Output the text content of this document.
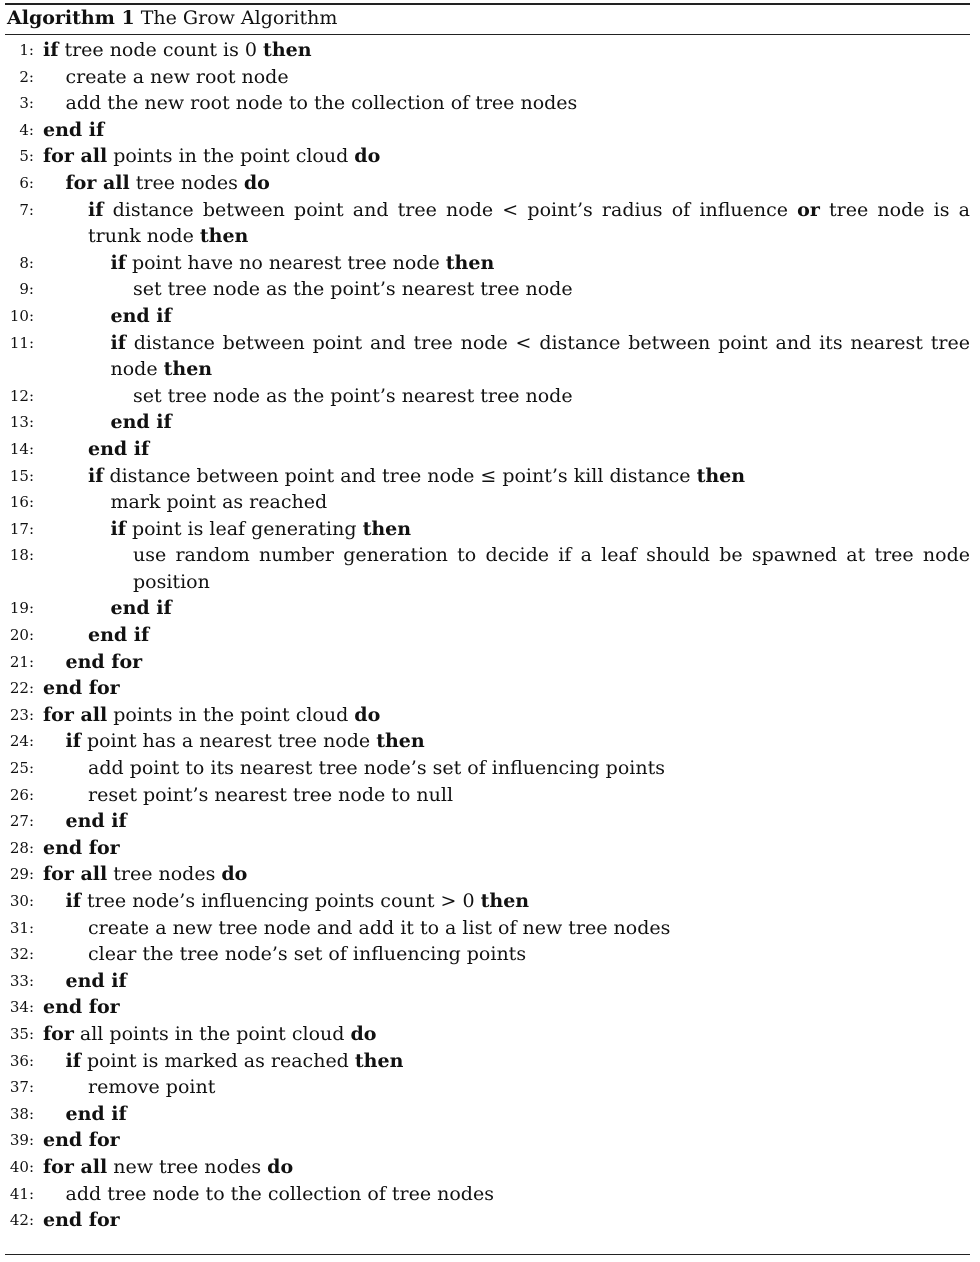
Algorithm 1 The Grow Algorithm
1: if tree node count is 0 then
2: create a new root node
3: add the new root node to the collection of tree nodes
4: end if
5: for all points in the point cloud do
6: for all tree nodes do
7:	if distance between point and tree node < point’s radius of influence or tree node is a trunk node then
8:	if point have no nearest tree node then
9:	set tree node as the point’s nearest tree node
10:	end if
11:	if distance between point and tree node < distance between point and its nearest tree node then
12:	set tree node as the point’s nearest tree node
13:	end if
14:	end if
15:	if distance between point and tree node ≤ point’s kill distance then
16:	mark point as reached
17:	if point is leaf generating then
18:	use random number generation to decide if a leaf should be spawned at tree node position
19:	end if
20:	end if
21: end for
22: end for
23: for all points in the point cloud do
24: if point has a nearest tree node then
25:	add point to its nearest tree node’s set of influencing points
26:	reset point’s nearest tree node to null
27: end if
28: end for
29: for all tree nodes do
30: if tree node’s influencing points count > 0 then
31:	create a new tree node and add it to a list of new tree nodes
32:	clear the tree node’s set of influencing points
33: end if
34: end for
35: for all points in the point cloud do
36: if point is marked as reached then
37:	remove point
38: end if
39: end for
40: for all new tree nodes do
41: add tree node to the collection of tree nodes
42: end for
